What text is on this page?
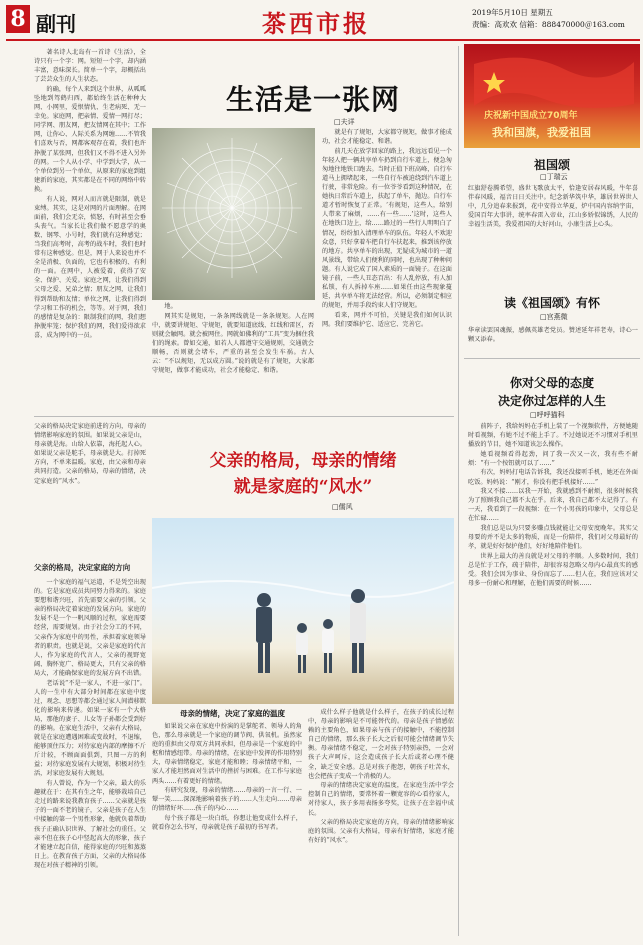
8 副刊	茶西市报	2019年5月10日 星期五
责编：高欢欢 信箱：888470000＠163.com

著名诗人北岛有一首诗《生活》，全诗只有一个字：网。短短一个字，却内涵丰富，意味深长。简单一个字，却概括出了芸芸众生的人生状态。

的确，每个人来到这个世界，从呱呱坠地到驾鹤归西，都始终生活在种种大网、小网里，爱恨情仇、生老病死、无一幸免。家庭网，把亲情、爱情一网打尽；同学网、朋友网，把友情网在其中；工作网，让你心、人际关系为网缠……不管我们喜欢与否，网都客观存在着，我们也许挣脱了某张网，但我们又不得不进入另外的网。一个人从小学、中学到大学，从一个单位到另一个单位，从原来的家庭到组建新的家庭，其实都是在不同的网络中转换。

有人说，网对人而言就是限制，就是束缚。其实，这是对网的片面理解。在网面前，我们会无奈，愤怒，有时甚至会垂头丧气。当家长让我们做不愿意学的奥数、钢琴、小号时，我们就有这种感觉；当我们高考时，高考的战车时，我们也时常有这种感觉。但是，网于人来说也并不全是消极、负面的，它也有积极的、有利的一面。在网中，人被爱着，获得了安全、保护、关爱。家庭之网，让我们得到父母之爱、兄弟之情；朋友之网，让我们得到帮助和友情；单位之网，让我们得到学习和工作的机会，等等。对于网，我们的感情是复杂的：限制我们的网，我们想挣脱牢笼；保护我们的网，我们爱得欲求喜，成为网中的一员。

生活是一张网
□夫详

地。

网其实是规矩，一条条网线就是一条条规矩。人在网中，就要讲规矩、守规矩，就要知道底线、红线和雷区，否则就会触网。就会被网住。网就如佛利的“工具”变为捆住我们的绳索。曾如交通，如若人人都遵守交通规则，交通就会顺畅，否则就会堵车，严重的甚至会发生车祸。古人云：“不以规矩，无以成方圆。”说的就是有了规矩，大家都守规矩，做事才能成功，社会才能稳定、和谐。

就是有了规矩，大家都守规矩，做事才能成功，社会才能稳定、和谐。

前几天在放学回家的路上，我远远看见一个年轻人把一辆共享单车扔到自行车道上，便急匆匆地往地铁口跑去。当时正值下班高峰，自行车道马上拥堵起来，一些自行车被迫绕到汽车道上行驶，非常危险。有一位爷爷看到这种情况，在她执日常后车道上，扶起了单车，抛边。自行车道才暂时恢复了正常。‘有规矩，这些人，给别人带来了麻烦，……有一些……’这时，这些人在地铁口边上，给……路过的一些行人明明白了情况，纷纷加入清理单车的队伍。年轻人不欢迎众意，只好拿着车把自行车扶起来，推到该停放的地方。共享单车的出现，无疑成为城市的一道风景线，带给人们便利的同时，也出现了种种问题。有人说它成了国人素质的一面镜子。在这面镜子前，一些人丑态百出：有人乱停放，有人加私锁，有人拆掉车座……如果任由这些现象蔓延，共享单车将无法经营。所以，必须制定相应的规矩，并用手段约束人们守规矩。

看来，网并不可怕，关键是我们如何认识网。我们要维护它、适应它、完善它。

庆祝新中国成立70周年
我和国旗，我爱祖国
祖国颂
□丁瑞云
红旗舒卷腾希望，盛世飞歌放太平，恰逢安居春风暖，牛年喜伴春风暖，福音日日关注中。纪念新华筑中华，雄居世界世人中，几分追春来报到，花中安得立华夏，炉中国内容纳宇宙，爱国百年大事讲，统率春雷入帝业，江山多娇似锦绣，人民的幸福生活美，我爱祖国的大好河山，小康生活上心头。
读《祖国颂》有怀
□宫燕微
华章读罢国魂振，感佩英雄老党员。赞述延年祥老寿，诗心一颗又添春。
你对父母的态度
决定你过怎样的人生
□呼呼猫科

前阵子，我给妈妈在手机上装了一个视频软件，方便她随时看视频，有她不过不能上手了。不过她说还不习惯对手机里播放的节目，她不知道该怎么操作。

她看视频看得起劲，问了我一次又一次，我有些不耐烦：“有一个按钮就可以了……”

有次，妈妈打电话告诉我，我还没接听手机，她还在外面吃饭。妈妈说：“刚才，你没有把手机接好……”

我又不接……以我一开始，我就感到不耐烦，很多时候我为了照顾我自己都不太在乎。后来，我自己都不太记得了。有一天，我看到了一段视频：在一个小男孩的印象中，父母总是在忙碌……

我们总是以为只要多赚点钱就能让父母安度晚年。其实父母要的并不是太多的物质，而是一份陪伴，我们对父母最好的孝，就是好好保护他们，好好地陪伴他们。

世界上最大的善良就是对父母的孝顺。人多数时间，我们总是忙于工作，疏于陪伴，却很容易忽略父母内心最真实的感受。我们会因为事业、身份而忘了……但人在，我们应该对父母多一份耐心和理解，在他们需要的时候……

父亲的格局决定家庭前进的方向，母亲的情绪影响家庭的氛围。如果说父亲是山，母亲就是海。山给人依靠，海托起人心。如果说父亲是舵手，母亲就是大。打掉死方向，不单来温暖。家庭，由父亲和母亲共同打造。父亲的格局，母亲的情绪，决定家庭的“风水”。
父亲的格局，决定家庭的方向

一个家庭的福气运道，不是凭空出现的。它是家庭成员共同努力得来的。家庭要想和谐兴旺，首先需要父亲的引领。父亲的格局决定着家庭的发展方向。家庭的发展不是一个一帆风顺的过程，家庭需要经营，需要规划。由于社会分工的不同，父亲作为家庭中的男性，承担着家庭领导者的职责。也就是说，父亲是家庭的代言人，作为家庭的代言人，父亲的视野宽阔、胸怀宽广、格局更大，只有父亲的格局大，才能确保家庭的发展方向不出错。

老话说“不是一家人，不进一家门”。人的一生中有大部分时间都在家庭中度过，观念、思想等都会通过家人间潜移默化的影响来传递。如果一家有一个大格局，那他的妻子、儿女等子孙都会受到好的影响。在家庭生活中，父亲有大格局，就是在家庭遭遇困难或变故时，不退缩，能够顶住压力；对待家庭内部的摩擦不斤斤计较，不顾面面俱到，只图一方的利益；对待家庭发展有大规划，积极对待生活，对家庭发展有大规划。

有人曾说，作为一个父亲，最大的乐趣就在于：在其有生之年，能够栽培自己走过的路来说我教育孩子……父亲就是孩子的一面不老的镜子，父亲是孩子在人生中接触的第一个男性形象，他就负着帮助孩子正确认识世界、了解社会的重任。父亲不但在孩子心中竖起高大的形象，孩子才能建立起自信，能得家庭的兴旺和蒸蒸日上。在教育孩子方面，父亲的大格局体现在对孩子精神的引领。

父亲的格局，母亲的情绪
就是家庭的“风水”
□儒风
母亲的情绪，决定了家庭的温度

如果说父亲在家庭中扮演的是掌舵者、领导人的角色，那么母亲就是一个家庭的调节阀、供氧机。虽然家庭的重担由父母双方共同承担，但母亲是一个家庭的中枢和情感纽带。母亲的情绪，在家庭中发挥的作用特别大，母亲情绪稳定，家庭才能和睦；母亲情绪平和，一家人才能坦然面对生活中的挫折与困难。在工作与家庭两头……有着更好的情绪。

有研究发现，母亲的情绪……母亲的一言一行、一颦一笑……深深地影响着孩子的……人生走向……母亲的情绪好坏……孩子的内心……

每个孩子都是一块白纸，你想让他变成什么样子，就看你怎么书写，母亲就是孩子最初的书写者。

成什么样子他就是什么样子，在孩子的成长过程中，母亲的影响是不可能替代的。母亲是孩子情感依赖的主要角色，如果母亲与孩子的接触中，不能控制自己的情绪，那么孩子长大之后很可能会情绪调节失衡。母亲情绪不稳定，一会对孩子特别亲热，一会对孩子大声呵斥，这会造成孩子长大后或者心理不健全，缺乏安全感。总是对孩子抱怨，朝孩子吐苦水，也会把孩子变成一个消极的人。

母亲的情绪决定家庭的温度，在家庭生活中学会控制自己的情绪，要常怀着一颗宽容的心看待家人，对待家人，孩子多用表扬多夸奖，让孩子在幸福中成长。

父亲的格局决定家庭的方向，母亲的情绪影响家庭的氛围。父亲有大格局，母亲有好情绪，家庭才能有好的“风水”。
